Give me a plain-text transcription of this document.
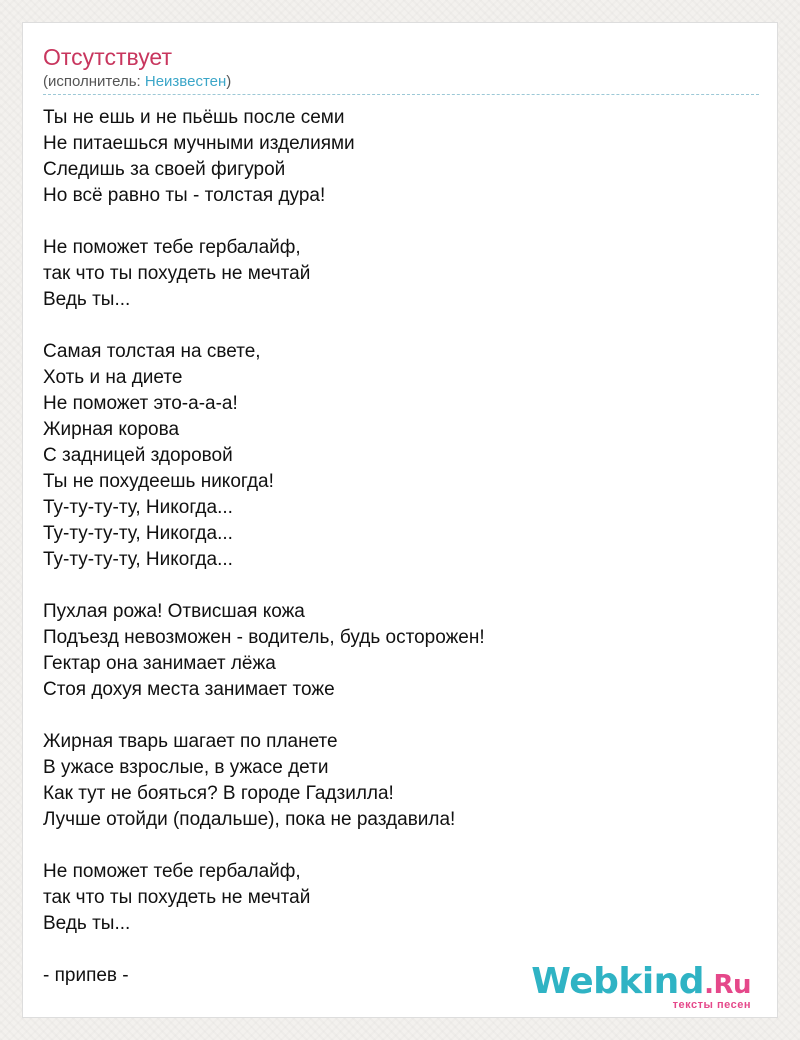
Отсутствует
(исполнитель: Неизвестен)
Ты не ешь и не пьёшь после семи
Не питаешься мучными изделиями
Следишь за своей фигурой
Но всё равно ты - толстая дура!
Не поможет тебе гербалайф,
так что ты похудеть не мечтай
Ведь ты...
Самая толстая на свете,
Хоть и на диете
Не поможет это-а-а-а!
Жирная корова
С задницей здоровой
Ты не похудеешь никогда!
Ту-ту-ту-ту, Никогда...
Ту-ту-ту-ту, Никогда...
Ту-ту-ту-ту, Никогда...
Пухлая рожа! Отвисшая кожа
Подъезд невозможен - водитель, будь осторожен!
Гектар она занимает лёжа
Стоя дохуя места занимает тоже
Жирная тварь шагает по планете
В ужасе взрослые, в ужасе дети
Как тут не бояться? В городе Гадзилла!
Лучше отойди (подальше), пока не раздавила!
Не поможет тебе гербалайф,
так что ты похудеть не мечтай
Ведь ты...
- припев -	Webkind.Ru
тексты песен
